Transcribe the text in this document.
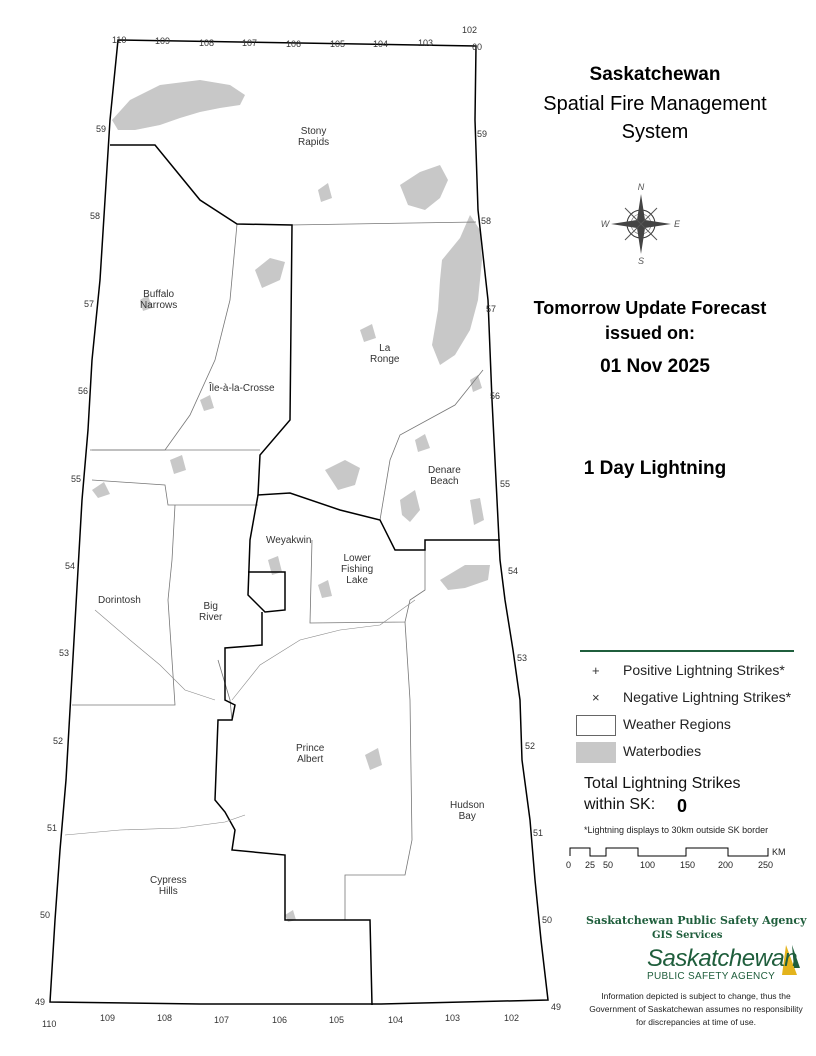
N
E
S
W
Saskatchewan
Spatial Fire Management
System
Tomorrow Update Forecast
issued on:
01 Nov 2025
1 Day Lightning
+ Positive Lightning Strikes*
× Negative Lightning Strikes*
Weather Regions
Waterbodies
Total Lightning Strikes
within SK: 0
*Lightning displays to 30km outside SK border
0 25 50	100	150	200	250
KM
Saskatchewan Public Safety Agency
GIS Services
Saskatchewan
PUBLIC SAFETY AGENCY
Information depicted is subject to change, thus the Government of Saskatchewan assumes no responsibility for discrepancies at time of use.
Stony
Rapids
Buffalo
Narrows
La
Ronge
Île-à-la-Crosse
Denare
Beach
Weyakwin
Lower
Fishing
Lake
Dorintosh
Big
River
Prince
Albert
Hudson
Bay
Cypress
Hills
110	109	108	107	106	105	104	103
102
110
109	108	107	106	105	104	103	102
59
58
57
56
55
54
53
52
51
50
49
60
59
58
57
56
55
54
53
52
51
50
49
